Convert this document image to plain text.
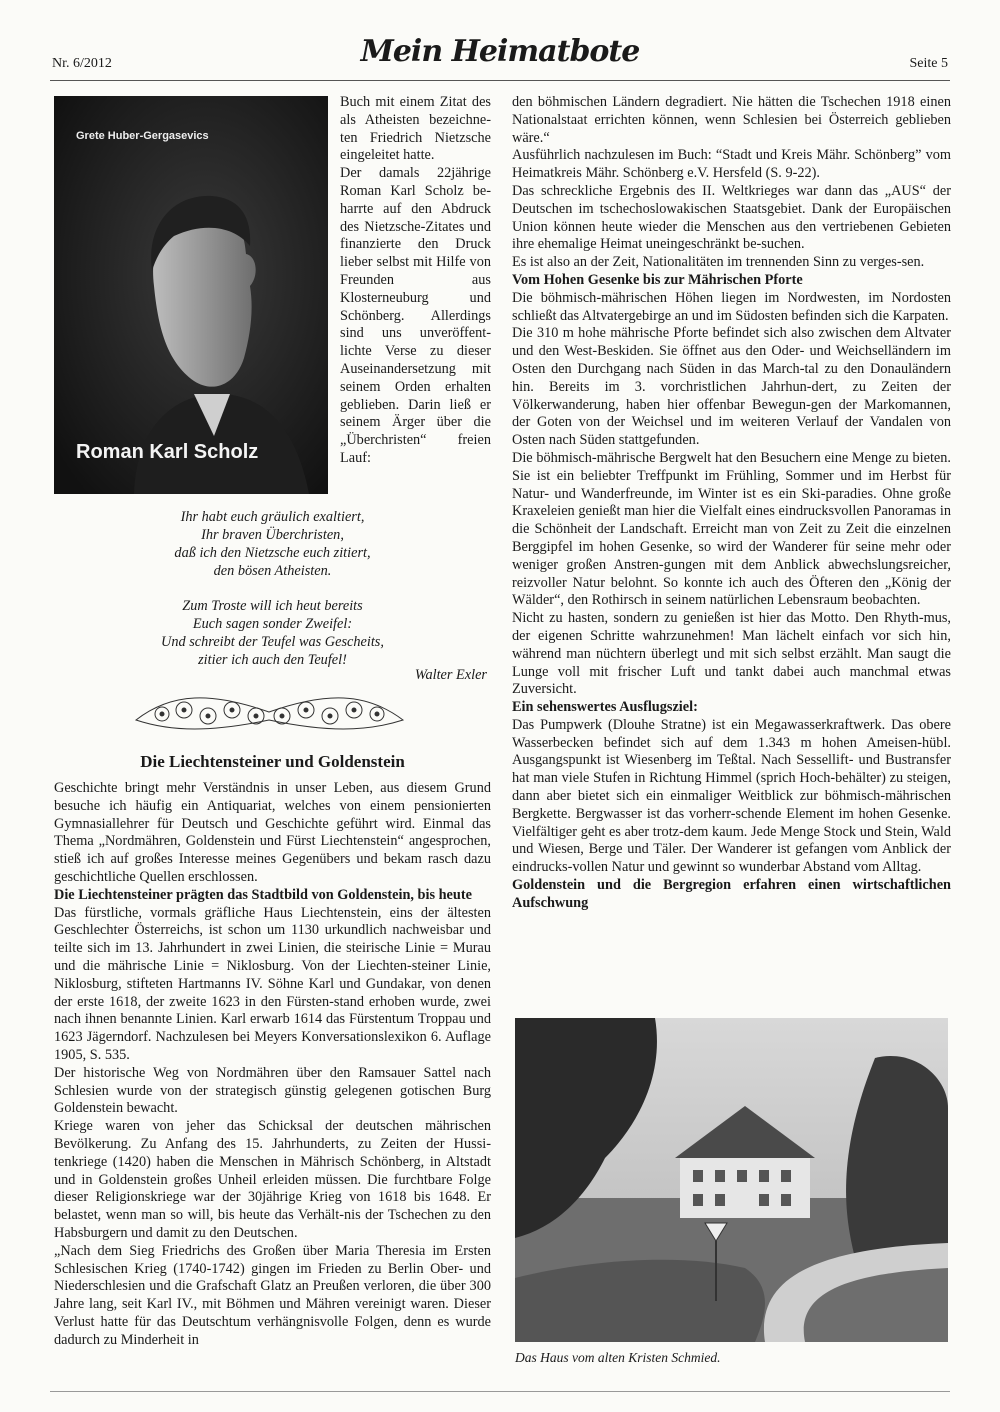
Nr. 6/2012	Mein Heimatbote	Seite 5
Grete Huber-Gergasevics
Roman Karl Scholz

Buch mit einem Zitat des als Atheisten bezeichne-ten Friedrich Nietzsche eingeleitet hatte.

Der damals 22jährige Roman Karl Scholz be-harrte auf den Abdruck des Nietzsche-Zitates und finanzierte den Druck lieber selbst mit Hilfe von Freunden aus Klosterneuburg und Schönberg. Allerdings sind uns unveröffent-lichte Verse zu dieser Auseinandersetzung mit seinem Orden erhalten geblieben. Darin ließ er seinem Ärger über die „Überchristen“ freien Lauf:

Ihr habt euch gräulich exaltiert,
Ihr braven Überchristen,
daß ich den Nietzsche euch zitiert,
den bösen Atheisten.
Zum Troste will ich heut bereits
Euch sagen sonder Zweifel:
Und schreibt der Teufel was Gescheits,
zitier ich auch den Teufel!
Walter Exler
Die Liechtensteiner und Goldenstein

Geschichte bringt mehr Verständnis in unser Leben, aus diesem Grund besuche ich häufig ein Antiquariat, welches von einem pensionierten Gymnasiallehrer für Deutsch und Geschichte geführt wird. Einmal das Thema „Nordmähren, Goldenstein und Fürst Liechtenstein“ angesprochen, stieß ich auf großes Interesse meines Gegenübers und bekam rasch dazu geschichtliche Quellen erschlossen.

Die Liechtensteiner prägten das Stadtbild von Goldenstein, bis heute

Das fürstliche, vormals gräfliche Haus Liechtenstein, eins der ältesten Geschlechter Österreichs, ist schon um 1130 urkundlich nachweisbar und teilte sich im 13. Jahrhundert in zwei Linien, die steirische Linie = Murau und die mährische Linie = Niklosburg. Von der Liechten-steiner Linie, Niklosburg, stifteten Hartmanns IV. Söhne Karl und Gundakar, von denen der erste 1618, der zweite 1623 in den Fürsten-stand erhoben wurde, zwei nach ihnen benannte Linien. Karl erwarb 1614 das Fürstentum Troppau und 1623 Jägerndorf. Nachzulesen bei Meyers Konversationslexikon 6. Auflage 1905, S. 535.

Der historische Weg von Nordmähren über den Ramsauer Sattel nach Schlesien wurde von der strategisch günstig gelegenen gotischen Burg Goldenstein bewacht.

Kriege waren von jeher das Schicksal der deutschen mährischen Bevölkerung. Zu Anfang des 15. Jahrhunderts, zu Zeiten der Hussi-tenkriege (1420) haben die Menschen in Mährisch Schönberg, in Altstadt und in Goldenstein großes Unheil erleiden müssen. Die furchtbare Folge dieser Religionskriege war der 30jährige Krieg von 1618 bis 1648. Er belastet, wenn man so will, bis heute das Verhält-nis der Tschechen zu den Habsburgern und damit zu den Deutschen.

„Nach dem Sieg Friedrichs des Großen über Maria Theresia im Ersten Schlesischen Krieg (1740-1742) gingen im Frieden zu Berlin Ober- und Niederschlesien und die Grafschaft Glatz an Preußen verloren, die über 300 Jahre lang, seit Karl IV., mit Böhmen und Mähren vereinigt waren. Dieser Verlust hatte für das Deutschtum verhängnisvolle Folgen, denn es wurde dadurch zu Minderheit in

den böhmischen Ländern degradiert. Nie hätten die Tschechen 1918 einen Nationalstaat errichten können, wenn Schlesien bei Österreich geblieben wäre.“

Ausführlich nachzulesen im Buch: “Stadt und Kreis Mähr. Schönberg” vom Heimatkreis Mähr. Schönberg e.V. Hersfeld (S. 9-22).

Das schreckliche Ergebnis des II. Weltkrieges war dann das „AUS“ der Deutschen im tschechoslowakischen Staatsgebiet. Dank der Europäischen Union können heute wieder die Menschen aus den vertriebenen Gebieten ihre ehemalige Heimat uneingeschränkt be-suchen.

Es ist also an der Zeit, Nationalitäten im trennenden Sinn zu verges-sen.

Vom Hohen Gesenke bis zur Mährischen Pforte

Die böhmisch-mährischen Höhen liegen im Nordwesten, im Nordosten schließt das Altvatergebirge an und im Südosten befinden sich die Karpaten.

Die 310 m hohe mährische Pforte befindet sich also zwischen dem Altvater und den West-Beskiden. Sie öffnet aus den Oder- und Weichselländern im Osten den Durchgang nach Süden in das March-tal zu den Donauländern hin. Bereits im 3. vorchristlichen Jahrhun-dert, zu Zeiten der Völkerwanderung, haben hier offenbar Bewegun-gen der Markomannen, der Goten von der Weichsel und im weiteren Verlauf der Vandalen von Osten nach Süden stattgefunden.

Die böhmisch-mährische Bergwelt hat den Besuchern eine Menge zu bieten. Sie ist ein beliebter Treffpunkt im Frühling, Sommer und im Herbst für Natur- und Wanderfreunde, im Winter ist es ein Ski-paradies. Ohne große Kraxeleien genießt man hier die Vielfalt eines eindrucksvollen Panoramas in die Schönheit der Landschaft. Erreicht man von Zeit zu Zeit die einzelnen Berggipfel im hohen Gesenke, so wird der Wanderer für seine mehr oder weniger großen Anstren-gungen mit dem Anblick abwechslungsreicher, reizvoller Natur belohnt. So konnte ich auch des Öfteren den „König der Wälder“, den Rothirsch in seinem natürlichen Lebensraum beobachten.

Nicht zu hasten, sondern zu genießen ist hier das Motto. Den Rhyth-mus, der eigenen Schritte wahrzunehmen! Man lächelt einfach vor sich hin, während man nüchtern überlegt und mit sich selbst erzählt. Man saugt die Lunge voll mit frischer Luft und tankt dabei auch manchmal etwas Zuversicht.

Ein sehenswertes Ausflugsziel:

Das Pumpwerk (Dlouhe Stratne) ist ein Megawasserkraftwerk. Das obere Wasserbecken befindet sich auf dem 1.343 m hohen Ameisen-hübl. Ausgangspunkt ist Wiesenberg im Teßtal. Nach Sessellift- und Bustransfer hat man viele Stufen in Richtung Himmel (sprich Hoch-behälter) zu steigen, dann aber bietet sich ein einmaliger Weitblick zur böhmisch-mährischen Bergkette. Bergwasser ist das vorherr-schende Element im hohen Gesenke. Vielfältiger geht es aber trotz-dem kaum. Jede Menge Stock und Stein, Wald und Wiesen, Berge und Täler. Der Wanderer ist gefangen vom Anblick der eindrucks-vollen Natur und gewinnt so wunderbar Abstand vom Alltag.

Goldenstein und die Bergregion erfahren einen wirtschaftlichen Aufschwung
Das Haus vom alten Kristen Schmied.
